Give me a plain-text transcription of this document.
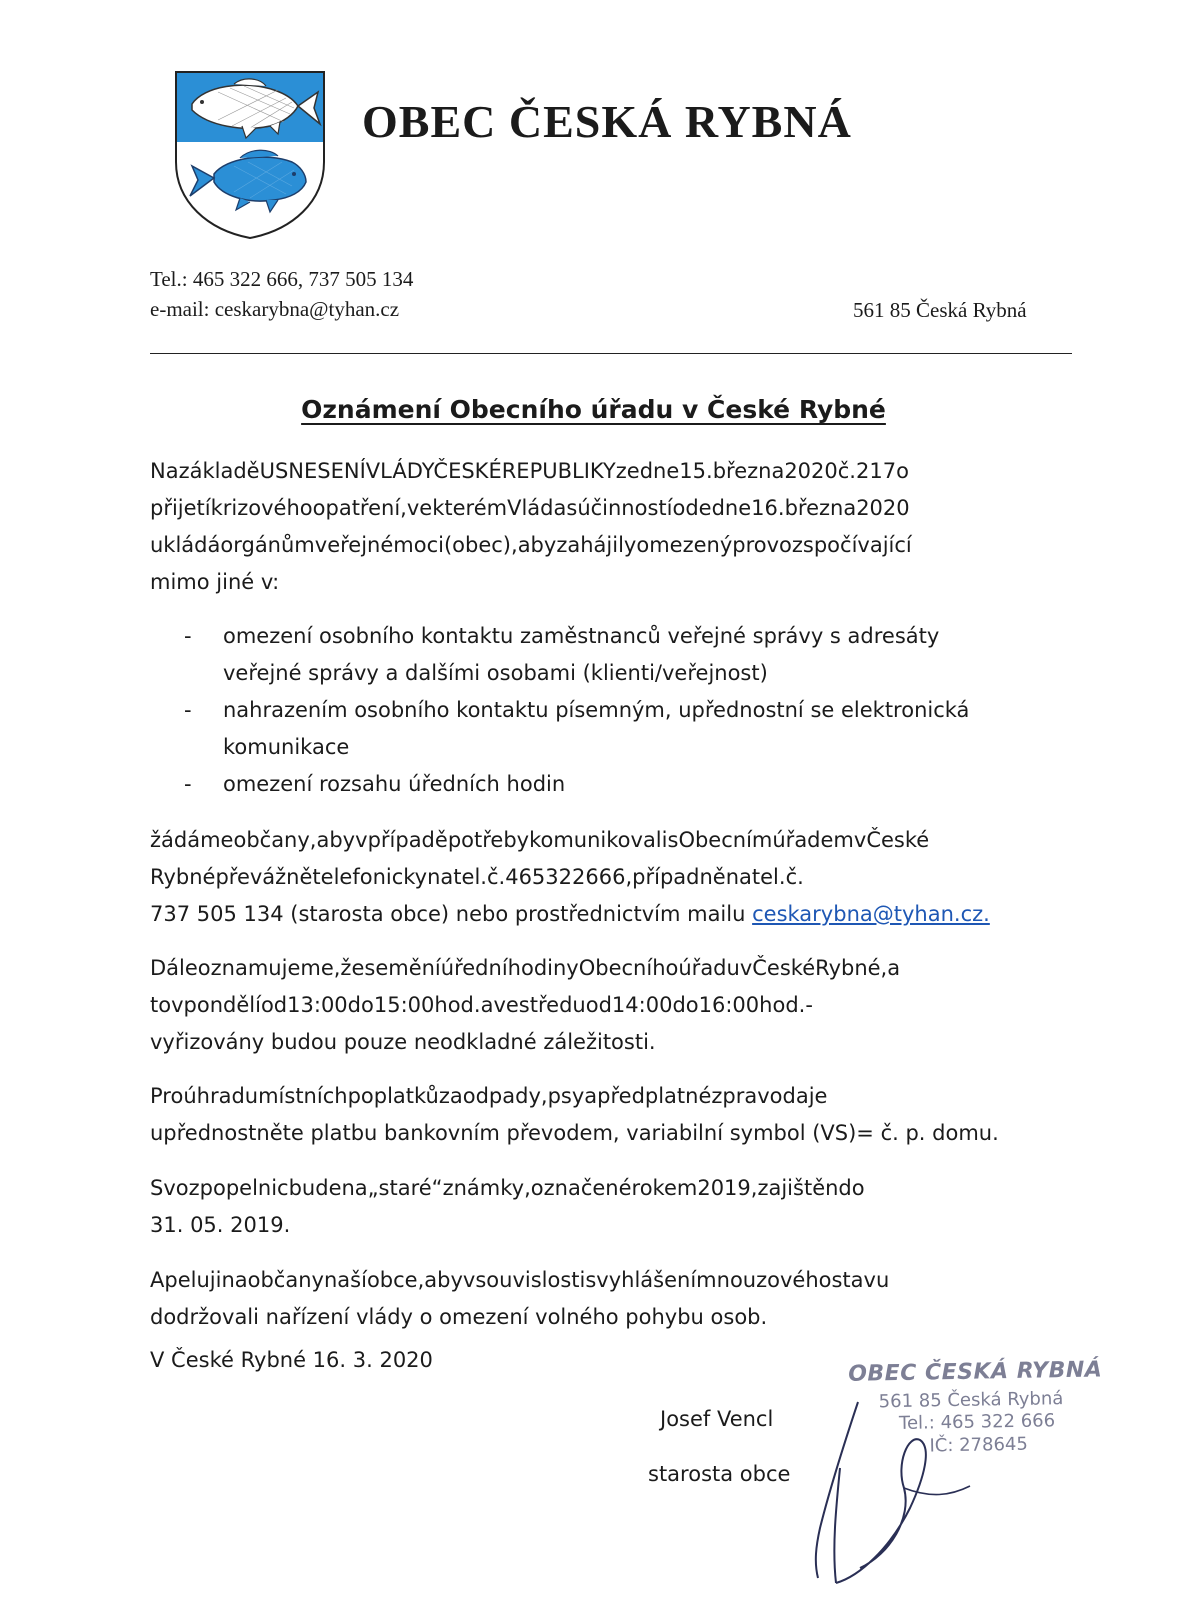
OBEC ČESKÁ RYBNÁ
Tel.: 465 322 666, 737 505 134
e-mail: ceskarybna@tyhan.cz	561 85 Česká Rybná
Oznámení Obecního úřadu v České Rybné
NazákladěUSNESENÍVLÁDYČESKÉREPUBLIKYzedne15.března2020č.217o
přijetíkrizovéhoopatření,vekterémVládasúčinnostíodedne16.března2020
ukládáorgánůmveřejnémoci(obec),abyzahájilyomezenýprovozspočívající
mimo jiné v:
- omezení osobního kontaktu zaměstnanců veřejné správy s adresáty
veřejné správy a dalšími osobami (klienti/veřejnost)
- nahrazením osobního kontaktu písemným, upřednostní se elektronická
komunikace
- omezení rozsahu úředních hodin
žádámeobčany,abyvpřípaděpotřebykomunikovalisObecnímúřademvČeské
Rybnépřevážnětelefonickynatel.č.465322666,případněnatel.č.
737 505 134 (starosta obce) nebo prostřednictvím mailu ceskarybna@tyhan.cz.
Dáleoznamujeme,žeseměníúředníhodinyObecníhoúřaduvČeskéRybné,a
tovpondělíod13:00do15:00hod.avestředuod14:00do16:00hod.-
vyřizovány budou pouze neodkladné záležitosti.
Proúhradumístníchpoplatkůzaodpady,psyapředplatnézpravodaje
upřednostněte platbu bankovním převodem, variabilní symbol (VS)= č. p. domu.
Svozpopelnicbudena„staré“známky,označenérokem2019,zajištěndo
31. 05. 2019.
Apelujinaobčanynašíobce,abyvsouvislostisvyhlášenímnouzovéhostavu
dodržovali nařízení vlády o omezení volného pohybu osob.
V České Rybné 16. 3. 2020
Josef Vencl
starosta obce
OBEC ČESKÁ RYBNÁ
561 85 Česká Rybná
Tel.: 465 322 666
IČ: 278645
